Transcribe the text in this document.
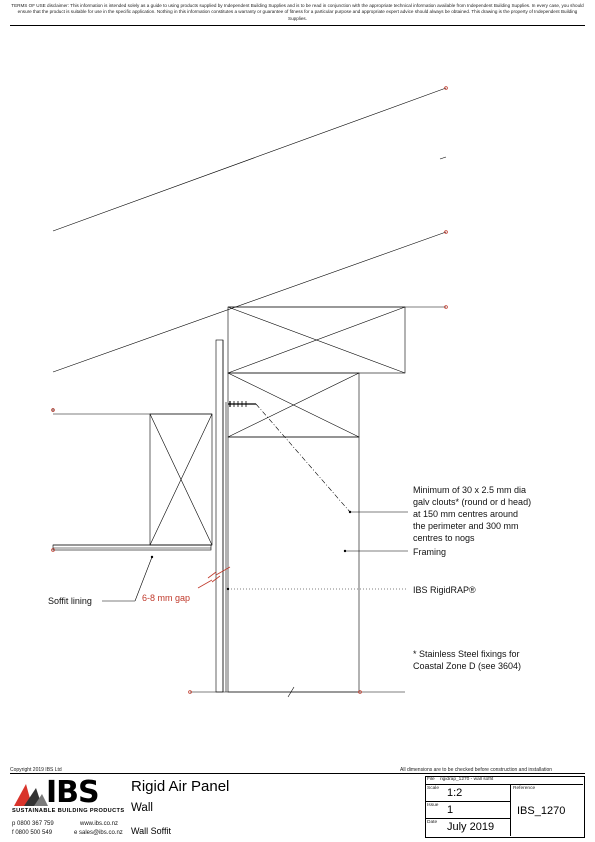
TERMS OF USE disclaimer: This information is intended solely as a guide to using products supplied by Independent Building Supplies and is to be read in conjunction with the appropriate technical information available from Independent Building Supplies. In every case, you should ensure that the product is suitable for use in the specific application. Nothing in this information constitutes a warranty or guarantee of fitness for a particular purpose and appropriate expert advice should always be obtained. This drawing is the property of Independent Building Supplies.
Minimum of 30 x 2.5 mm dia
galv clouts* (round or d head)
at 150 mm centres around
the perimeter and 300 mm
centres to nogs
Framing
IBS RigidRAP®
* Stainless Steel fixings for
Coastal Zone D (see 3604)
Soffit lining	6-8 mm gap
Copyright 2019 IBS Ltd	All dimensions are to be checked before construction and installation
IBS
SUSTAINABLE BUILDING PRODUCTS
p 0800 367 759
f 0800 500 549
www.ibs.co.nz
e sales@ibs.co.nz
Rigid Air Panel
Wall
Wall Soffit
File rigidrap_1270 - wall soffit
Scale 1:2
Issue 1
Date July 2019
Reference
IBS_1270
